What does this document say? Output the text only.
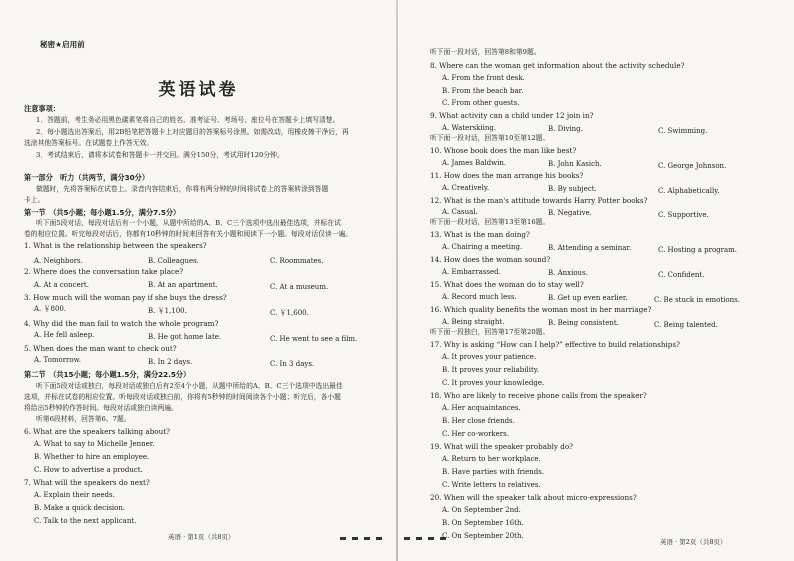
秘密★启用前
英语试卷
注意事项：
1．答题前，考生务必用黑色碳素笔将自己的姓名、准考证号、考场号、座位号在答题卡上填写清楚。
2．每小题选出答案后，用2B铅笔把答题卡上对应题目的答案标号涂黑。如需改动，用橡皮擦干净后，再
选涂其他答案标号。在试题卷上作答无效。
3．考试结束后，请将本试卷和答题卡一并交回。满分150分，考试用时120分钟。
第一部分　听力（共两节，满分30分）
做题时，先将答案标在试卷上。录音内容结束后，你将有两分钟的时间将试卷上的答案转涂到答题
卡上。
第一节　（共5小题；每小题1.5分，满分7.5分）
听下面5段对话，每段对话后有一个小题，从题中所给的A、B、C三个选项中选出最佳选项，并标在试
卷的相应位置。听完每段对话后，你都有10秒钟的时间来回答有关小题和阅读下一小题。每段对话仅读一遍。
1. What is the relationship between the speakers?
A. Neighbors.	B. Colleagues.	C. Roommates.
2. Where does the conversation take place?
A. At a concert.	B. At an apartment.	C. At a museum.
3. How much will the woman pay if she buys the dress?
A. ￥800.	B. ￥1,100.	C. ￥1,600.
4. Why did the man fail to watch the whole program?
A. He fell asleep.	B. He got home late.	C. He went to see a film.
5. When does the man want to check out?
A. Tomorrow.	B. In 2 days.	C. In 3 days.
第二节　（共15小题；每小题1.5分，满分22.5分）
听下面5段对话或独白，每段对话或独白后有2至4个小题，从题中所给的A、B、C三个选项中选出最佳
选项，并标在试卷的相应位置。听每段对话或独白前，你将有5秒钟的时间阅读各个小题；听完后，各小题
将给出5秒钟的作答时间。每段对话或独白读两遍。
听第6段材料，回答第6、7题。
6. What are the speakers talking about?
A. What to say to Michelle Jenner.
B. Whether to hire an employee.
C. How to advertise a product.
7. What will the speakers do next?
A. Explain their needs.
B. Make a quick decision.
C. Talk to the next applicant.
英语 · 第1页（共8页）
听下面一段对话，回答第8和第9题。
8. Where can the woman get information about the activity schedule?
A. From the front desk.
B. From the beach bar.
C. From other guests.
9. What activity can a child under 12 join in?
A. Waterskiing.	B. Diving.	C. Swimming.
听下面一段对话，回答第10至第12题。
10. Whose book does the man like best?
A. James Baldwin.	B. John Kasich.	C. George Johnson.
11. How does the man arrange his books?
A. Creatively.	B. By subject.	C. Alphabetically.
12. What is the man's attitude towards Harry Potter books?
A. Casual.	B. Negative.	C. Supportive.
听下面一段对话，回答第13至第16题。
13. What is the man doing?
A. Chairing a meeting.	B. Attending a seminar.	C. Hosting a program.
14. How does the woman sound?
A. Embarrassed.	B. Anxious.	C. Confident.
15. What does the woman do to stay well?
A. Record much less.	B. Get up even earlier.	C. Be stuck in emotions.
16. Which quality benefits the woman most in her marriage?
A. Being straight.	B. Being consistent.	C. Being talented.
听下面一段独白，回答第17至第20题。
17. Why is asking “How can I help?” effective to build relationships?
A. It proves your patience.
B. It proves your reliability.
C. It proves your knowledge.
18. Who are likely to receive phone calls from the speaker?
A. Her acquaintances.
B. Her close friends.
C. Her co-workers.
19. What will the speaker probably do?
A. Return to her workplace.
B. Have parties with friends.
C. Write letters to relatives.
20. When will the speaker talk about micro-expressions?
A. On September 2nd.
B. On September 16th.
C. On September 20th.
英语 · 第2页（共8页）
